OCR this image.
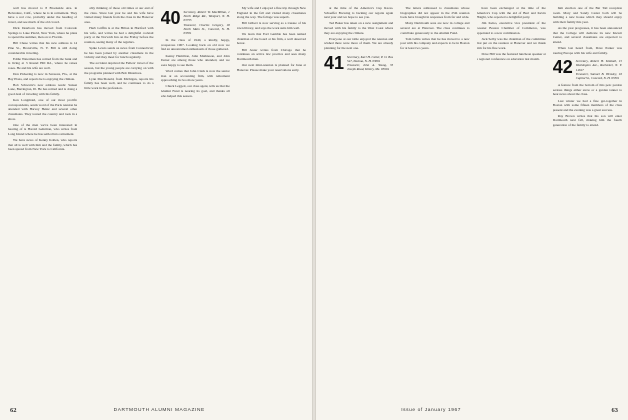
well has moved to 8 Brookside Ave. in Belvedere, Calif., where he is in retirement. They have a red cow, probably under the heading of travel, and see much of the old crowd.

Dick Dearborn has moved from Colorado Springs to Lake Placid, New York, where he plans to spend the summer, then on to Florida.

Bill Chase writes that his new address is 14 Pine St., Bronxville, N. Y. Bill is still doing considerable traveling.

Eddie Waterman has retired from the bank and is living at 3 Round Hill Rd., where he raises roses. He and his wife are well.

Don Pickering is now in Sarasota, Fla., at the Bay Plaza, and reports he is enjoying the climate.

Bob Schwartz's new address reads: Sunset Lane, Barrington, Ill. He has retired and is doing a good deal of traveling with his family.

Ken Longmaid, one of our most prolific correspondents, sends word of the Paris reunion he attended with Harvey Heinz and several other classmates. They toured the country and took in a show.

One of the men we've been interested in hearing of is Harold Gehrman, who writes from Long Island where he has settled into retirement.

We have news of Kenny Kollen, who reports that all is well with him and the family, which has been spread from New York to California.

ably thinking of those old times at our end of the class. Since last year he and his wife have visited many friends from the class in the Hanover area.

Herb Griffin is at the Hilton in Hartford with his wife, and writes he had a delightful cocktail party at the Norwich Inn on the Friday before the reunion, seeing many of the regulars.

Spike Lewis sends us news from Connecticut; he has been joined by another classmate in the vicinity and they meet for lunch regularly.

The accident deprived the Fullers' travel of the season, but the young people are carrying on with the programs planned with Bob Dinsmore.

Lynn MacDonald, from Michigan, reports his family has been well, and he continues to do a little work in the profession.

40 Secretary, Robert W. MacMillan, 1 North Ridge Rd., Westport, N. H. 03755
Treasurer, Charles Gregory, 18 North Main St., Concord, N. H. 03301

In the class of 1940, a kindly, happy, prosperous 1967. Looking back on old now we find an unrestrained enthusiasm of those gathered.

Kenny Hamilton, John Mathieson, and John Turner are among those who attended, and we were happy to see them.

Word comes that John Clark is now the senior man at an accounting firm, with retirement approaching in two more years.

Chuck Leggett, our class agent, tells us that the Alumni Fund is nearing its goal, and thanks all who helped this season.

My wife and I enjoyed a fine trip through New England in the fall and visited many classmates along the way. The foliage was superb.

Bill Gilbert is now serving as a trustee of his town library, and says the work suits him well.

We learn that Earl Gamble has been named chairman of the board at his firm, a well deserved honor.

Bill Jester writes from Chicago that he continues an active law practice and sees many Dartmouth men.

Our next mini-reunion is planned for June at Hanover. Please make your reservations early.

62	DARTMOUTH ALUMNI MAGAZINE

at the time of the America's Cup Races. Schaeffer Brewing is backing our regatta again next year and we hope to see you.

Ted Baker has taken on a new assignment and moved with his family to the West Coast where they are enjoying the climate.

Everyone at our table enjoyed the reunion and wished there were more of them. We are already planning for the next one.

41 Secretary, Karl H. Cutter, P. O. Box 547, Nashua, N. H. 03061
Treasurer, John A. Young, 35 Joseph Road, Kittery, Me. 03904

The letters addressed to classmates whose biographies did not appear in the 25th reunion book have brought in responses from far and wide.

Many Dartmouth sons are now in college and several are at Hanover. The class continues to contribute generously to the Alumni Fund.

Tom Gibbs writes that he has moved to a new post with his company and expects to be in Boston for at least two years.

have been exchanged at the time of the America's Cup with the aid of Burt and Kevin Haight, who reported a delightful party.

Jim Kelso, executive vice president of the Greater Boston Chamber of Commerce, was appointed to a new commission.

Jack Selby was the chairman of the committee that put on the reunion at Hanover and we thank him for his fine work.

Dave Hill was the featured luncheon speaker at a regional conference on education last month.

him election one of the Bat Tail reception room. Mary and Sandy Casler both will be building a new house which they should enjoy with their family this year.

As the year progresses, it has been announced that the College will dedicate its new Kiewit Center, and several classmates are expected to attend.

When last heard from, Dave Parker was touring Europe with his wife and family.

42 Secretary, Robert H. Kimball, 15 Washington Ave., Rochester, N. Y. 14617
Treasurer, Samuel B. Hensley, 16 Capitol St., Concord, N. H. 03301

A feature from the bottom of this pen: pardon serious things either snow or a garden tanner to hear news about the class.

Last winter we had a fine get-together in Boston with some fifteen members of the class present and the evening was a great success.

Ray Brown writes that his son will enter Dartmouth next fall, making him the fourth generation of the family to attend.

Issue of January 1967	63
